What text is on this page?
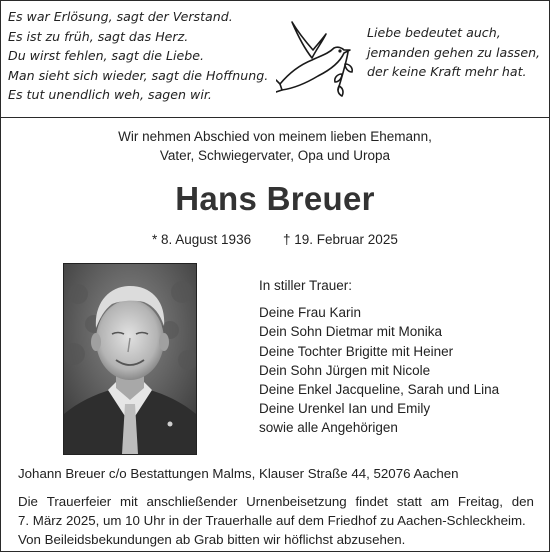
Es war Erlösung, sagt der Verstand.
Es ist zu früh, sagt das Herz.
Du wirst fehlen, sagt die Liebe.
Man sieht sich wieder, sagt die Hoffnung.
Es tut unendlich weh, sagen wir.
Liebe bedeutet auch,
jemanden gehen zu lassen,
der keine Kraft mehr hat.
Wir nehmen Abschied von meinem lieben Ehemann,
Vater, Schwiegervater, Opa und Uropa
Hans Breuer
* 8. August 1936 † 19. Februar 2025
In stiller Trauer:
Deine Frau Karin
Dein Sohn Dietmar mit Monika
Deine Tochter Brigitte mit Heiner
Dein Sohn Jürgen mit Nicole
Deine Enkel Jacqueline, Sarah und Lina
Deine Urenkel Ian und Emily
sowie alle Angehörigen
Johann Breuer c/o Bestattungen Malms, Klauser Straße 44, 52076 Aachen
Die Trauerfeier mit anschließender Urnenbeisetzung findet statt am Freitag, den
7. März 2025, um 10 Uhr in der Trauerhalle auf dem Friedhof zu Aachen-Schleckheim.
Von Beileidsbekundungen ab Grab bitten wir höflichst abzusehen.
